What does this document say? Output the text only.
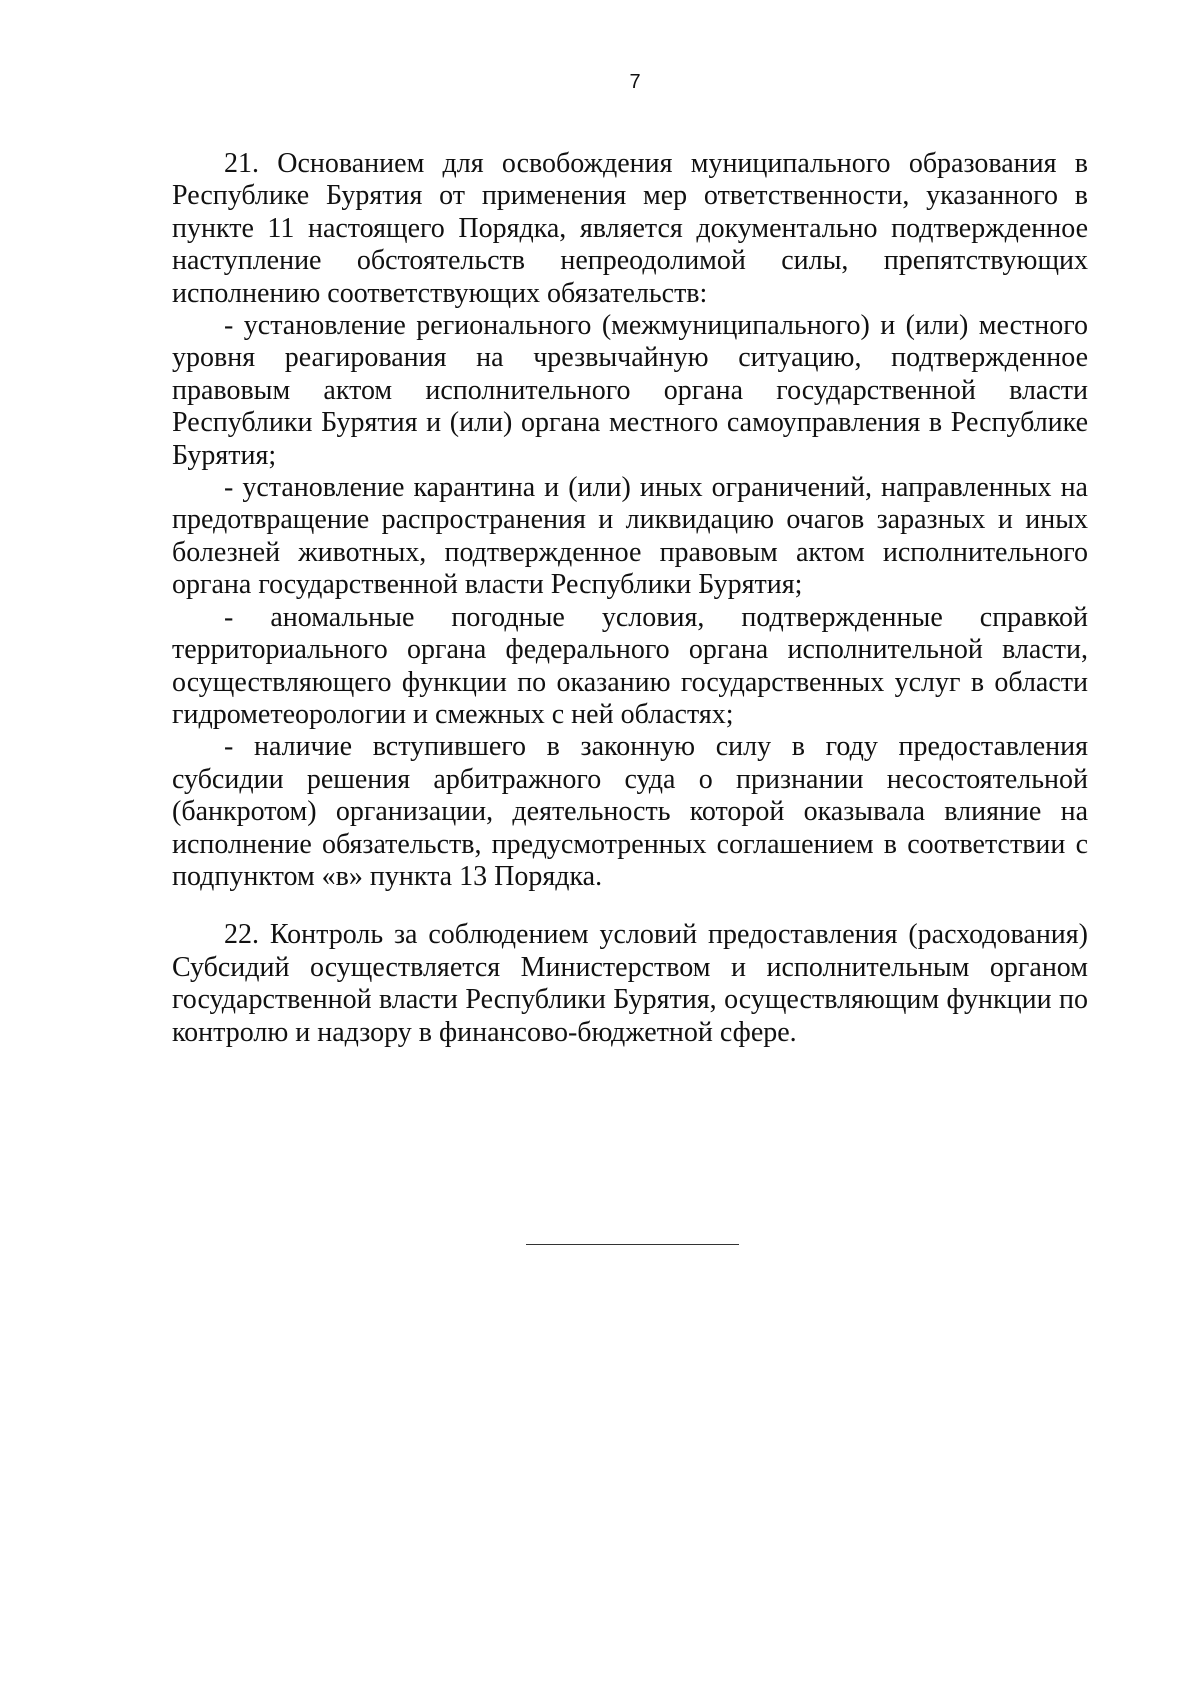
7

21. Основанием для освобождения муниципального образования в Республике Бурятия от применения мер ответственности, указанного в пункте 11 настоящего Порядка, является документально подтвержденное наступление обстоятельств непреодолимой силы, препятствующих исполнению соответствующих обязательств:

- установление регионального (межмуниципального) и (или) местного уровня реагирования на чрезвычайную ситуацию, подтвержденное правовым актом исполнительного органа государственной власти Республики Бурятия и (или) органа местного самоуправления в Республике Бурятия;

- установление карантина и (или) иных ограничений, направленных на предотвращение распространения и ликвидацию очагов заразных и иных болезней животных, подтвержденное правовым актом исполнительного органа государственной власти Республики Бурятия;

- аномальные погодные условия, подтвержденные справкой территориального органа федерального органа исполнительной власти, осуществляющего функции по оказанию государственных услуг в области гидрометеорологии и смежных с ней областях;

- наличие вступившего в законную силу в году предоставления субсидии решения арбитражного суда о признании несостоятельной (банкротом) организации, деятельность которой оказывала влияние на исполнение обязательств, предусмотренных соглашением в соответствии с подпунктом «в» пункта 13 Порядка.

22. Контроль за соблюдением условий предоставления (расходования) Субсидий осуществляется Министерством и исполнительным органом государственной власти Республики Бурятия, осуществляющим функции по контролю и надзору в финансово-бюджетной сфере.
